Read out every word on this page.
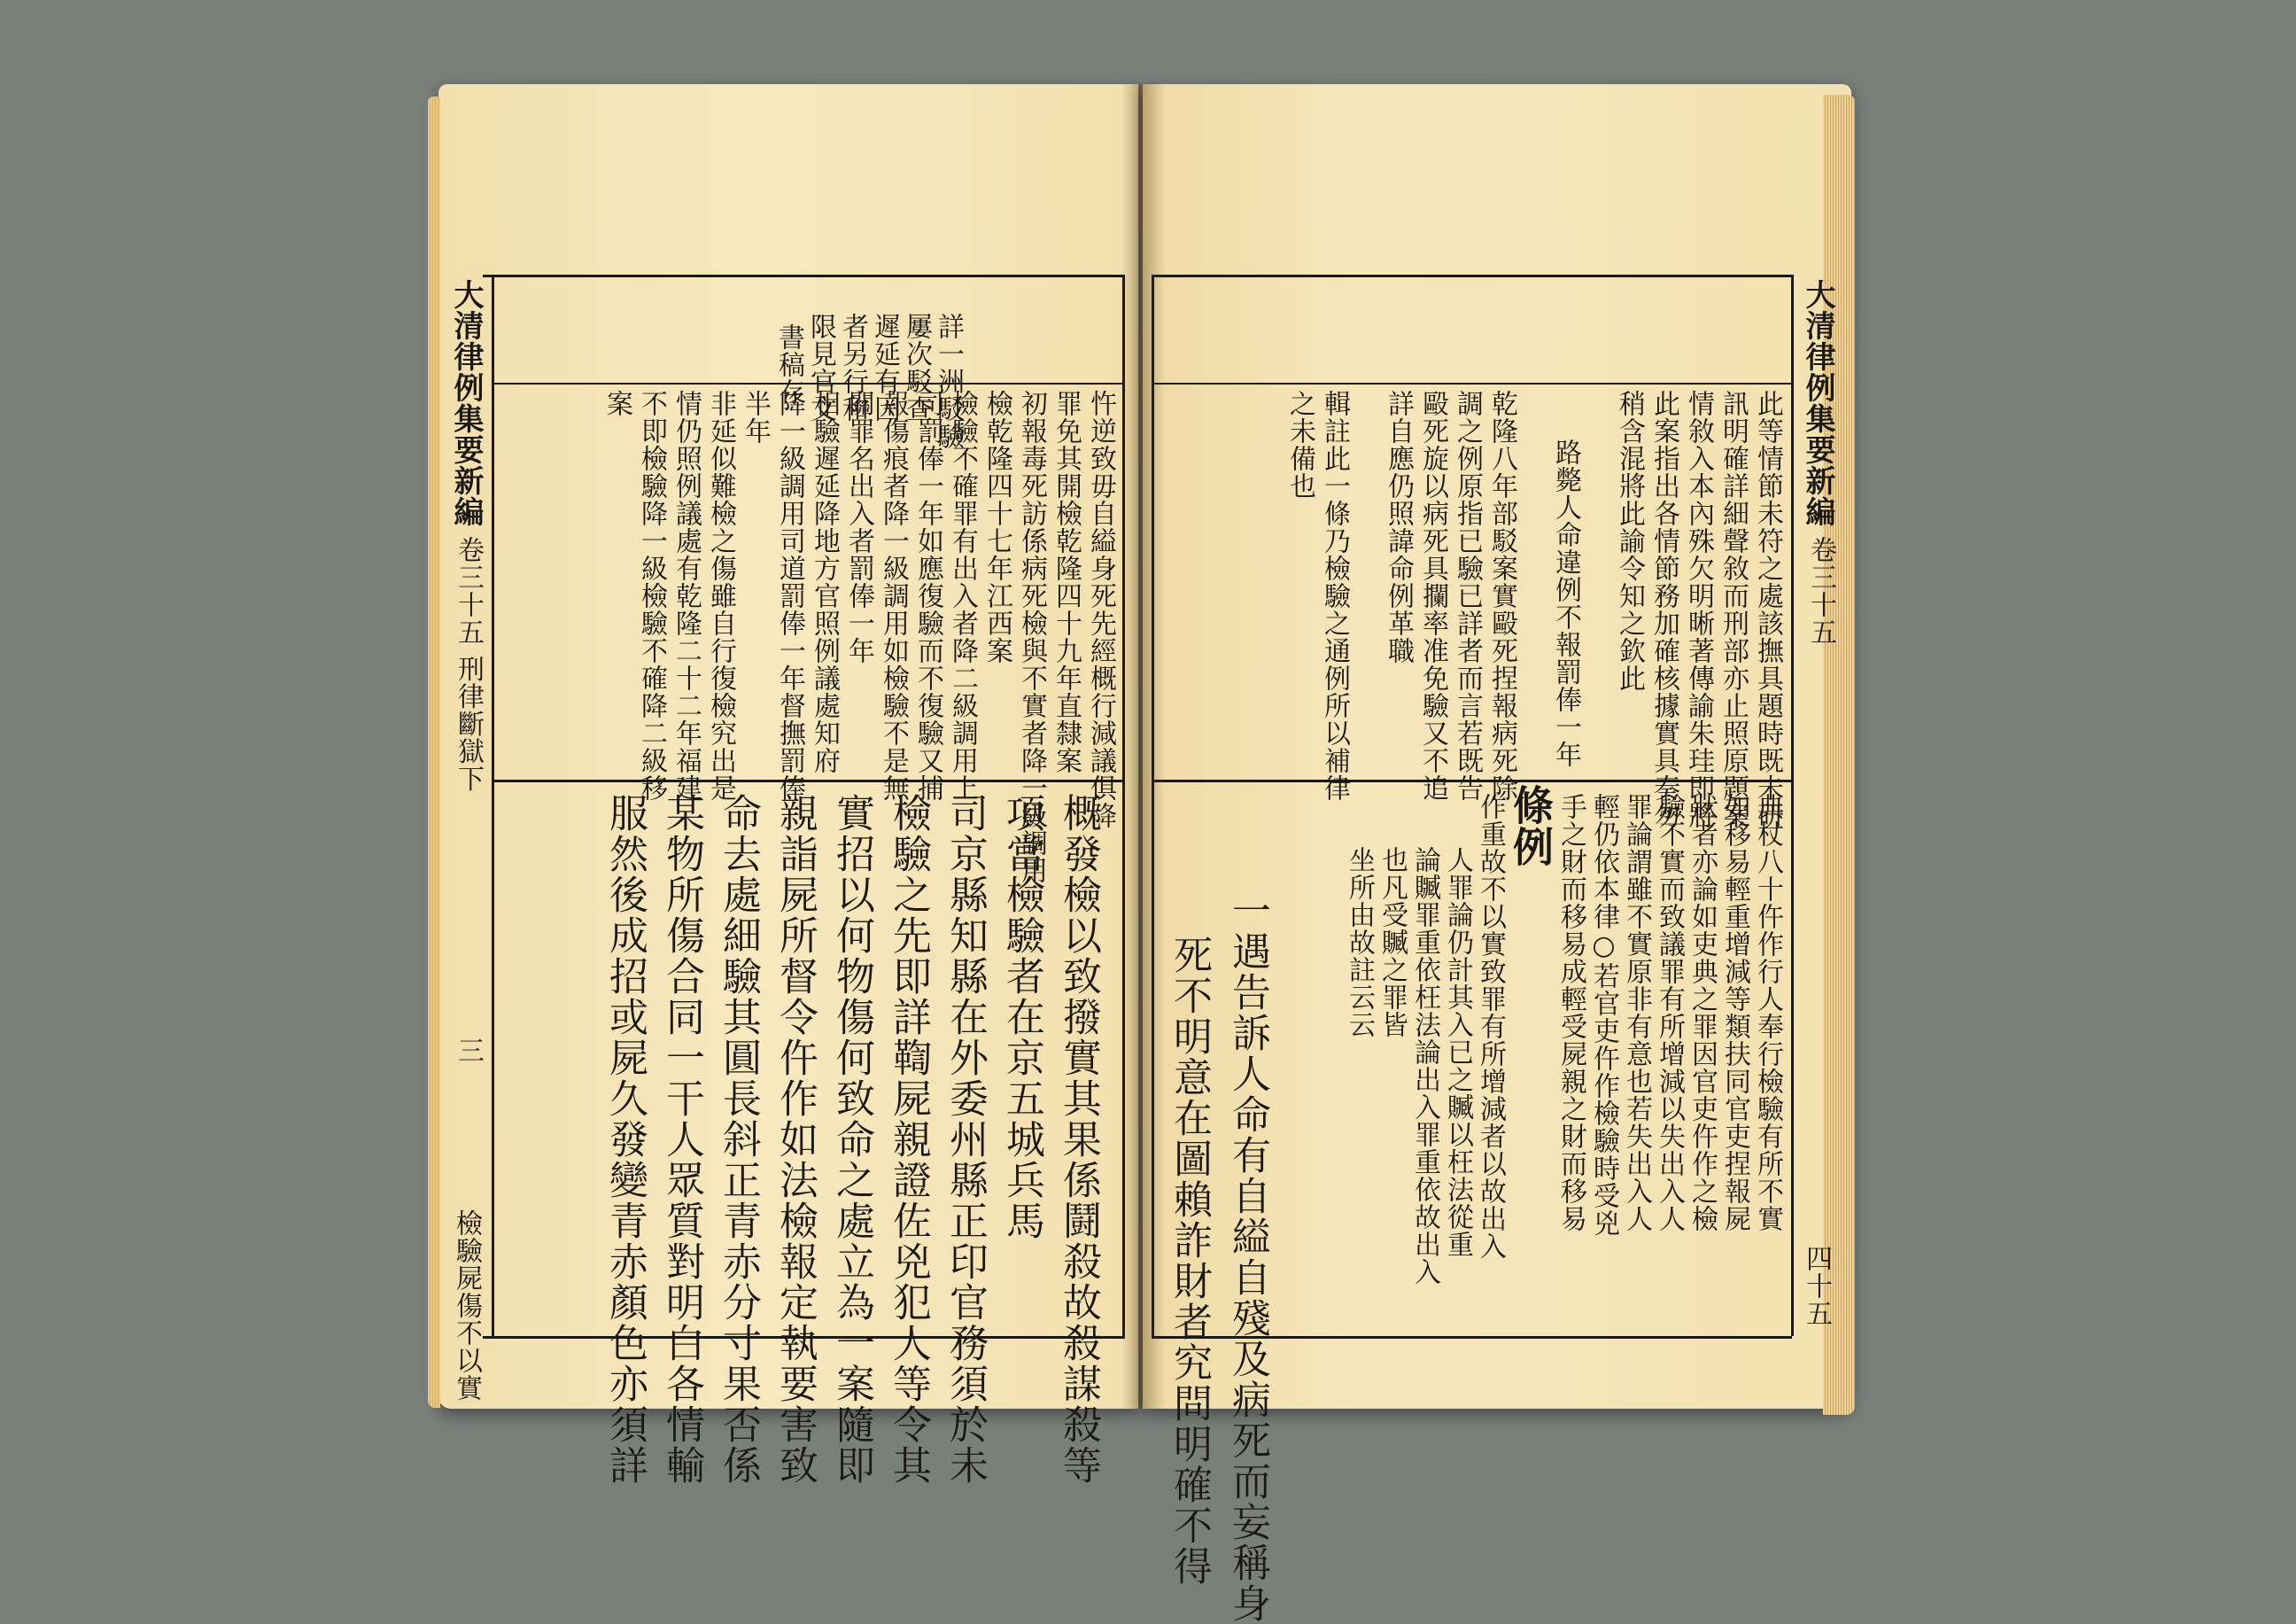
大清律例集要新編
卷三十五 刑律斷獄下
三
檢驗屍傷不以實
詳一洲駁驗
屢次駁查
遲延有因
者另行和
限見官文
書稿存
忤逆致毋自縊身死先經概行減議俱降
罪免其開檢乾隆四十九年直隸案
初報毒死訪係病死檢與不實者降一級調用
檢乾隆四十七年江西案
檢驗不確罪有出入者降二級調用上
司罰俸一年如應復驗而不復驗又捕
報傷痕者降一級調用如檢驗不是無
關罪名出入者罰俸一年
相驗遲延降地方官照例議處知府
降一級調用司道罰俸一年督撫罰俸
半年
非延似難檢之傷雖自行復檢究出是
情仍照例議處有乾隆二十二年福建
不即檢驗降一級檢驗不確降二級移
案
概發檢以致撥實其果係鬪殺故殺謀殺等
項當檢驗者在京五城兵馬
司京縣知縣在外委州縣正印官務須於未
檢驗之先即詳鞫屍親證佐兇犯人等令其
實招以何物傷何致命之處立為一案隨即
親詣屍所督令仵作如法檢報定執要害致
命去處細驗其圓長斜正青赤分寸果否係
某物所傷合同一干人眾質對明白各情輸
服然後成招或屍久發變青赤顏色亦須詳
大清律例集要新編
卷三十五
四十五
此等情節未符之處該撫具題時既未研
訊明確詳細聲敘而刑部亦止照原題案
情敘入本內殊欠明晰著傳諭朱珪即將
此案指出各情節務加確核據實具奏勿
稍含混將此諭令知之欽此
路斃人命違例不報罰俸一年
乾隆八年部駁案實毆死捏報病死除
調之例原指已驗已詳者而言若既告
毆死旋以病死具攔率准免驗又不追
詳自應仍照諱命例革職
輯註此一條乃檢驗之通例所以補律
之未備也
條例	典杖八十仵作行人奉行檢驗有所不實
如移易輕重增減等類扶同官吏捏報屍
狀者亦論如吏典之罪因官吏仵作之檢
驗不實而致議罪有所增減以失出入人
罪論謂雖不實原非有意也若失出入人
輕仍依本律○若官吏仵作檢驗時受兇
手之財而移易成輕受屍親之財而移易
作重故不以實致罪有所增減者以故出入
人罪論仍計其入已之贓以枉法從重
論贓罪重依枉法論出入罪重依故出入
也凡受贓之罪皆
坐所由故註云云
一遇告訴人命有自縊自殘及病死而妄稱身
死不明意在圖賴詐財者究問明確不得
